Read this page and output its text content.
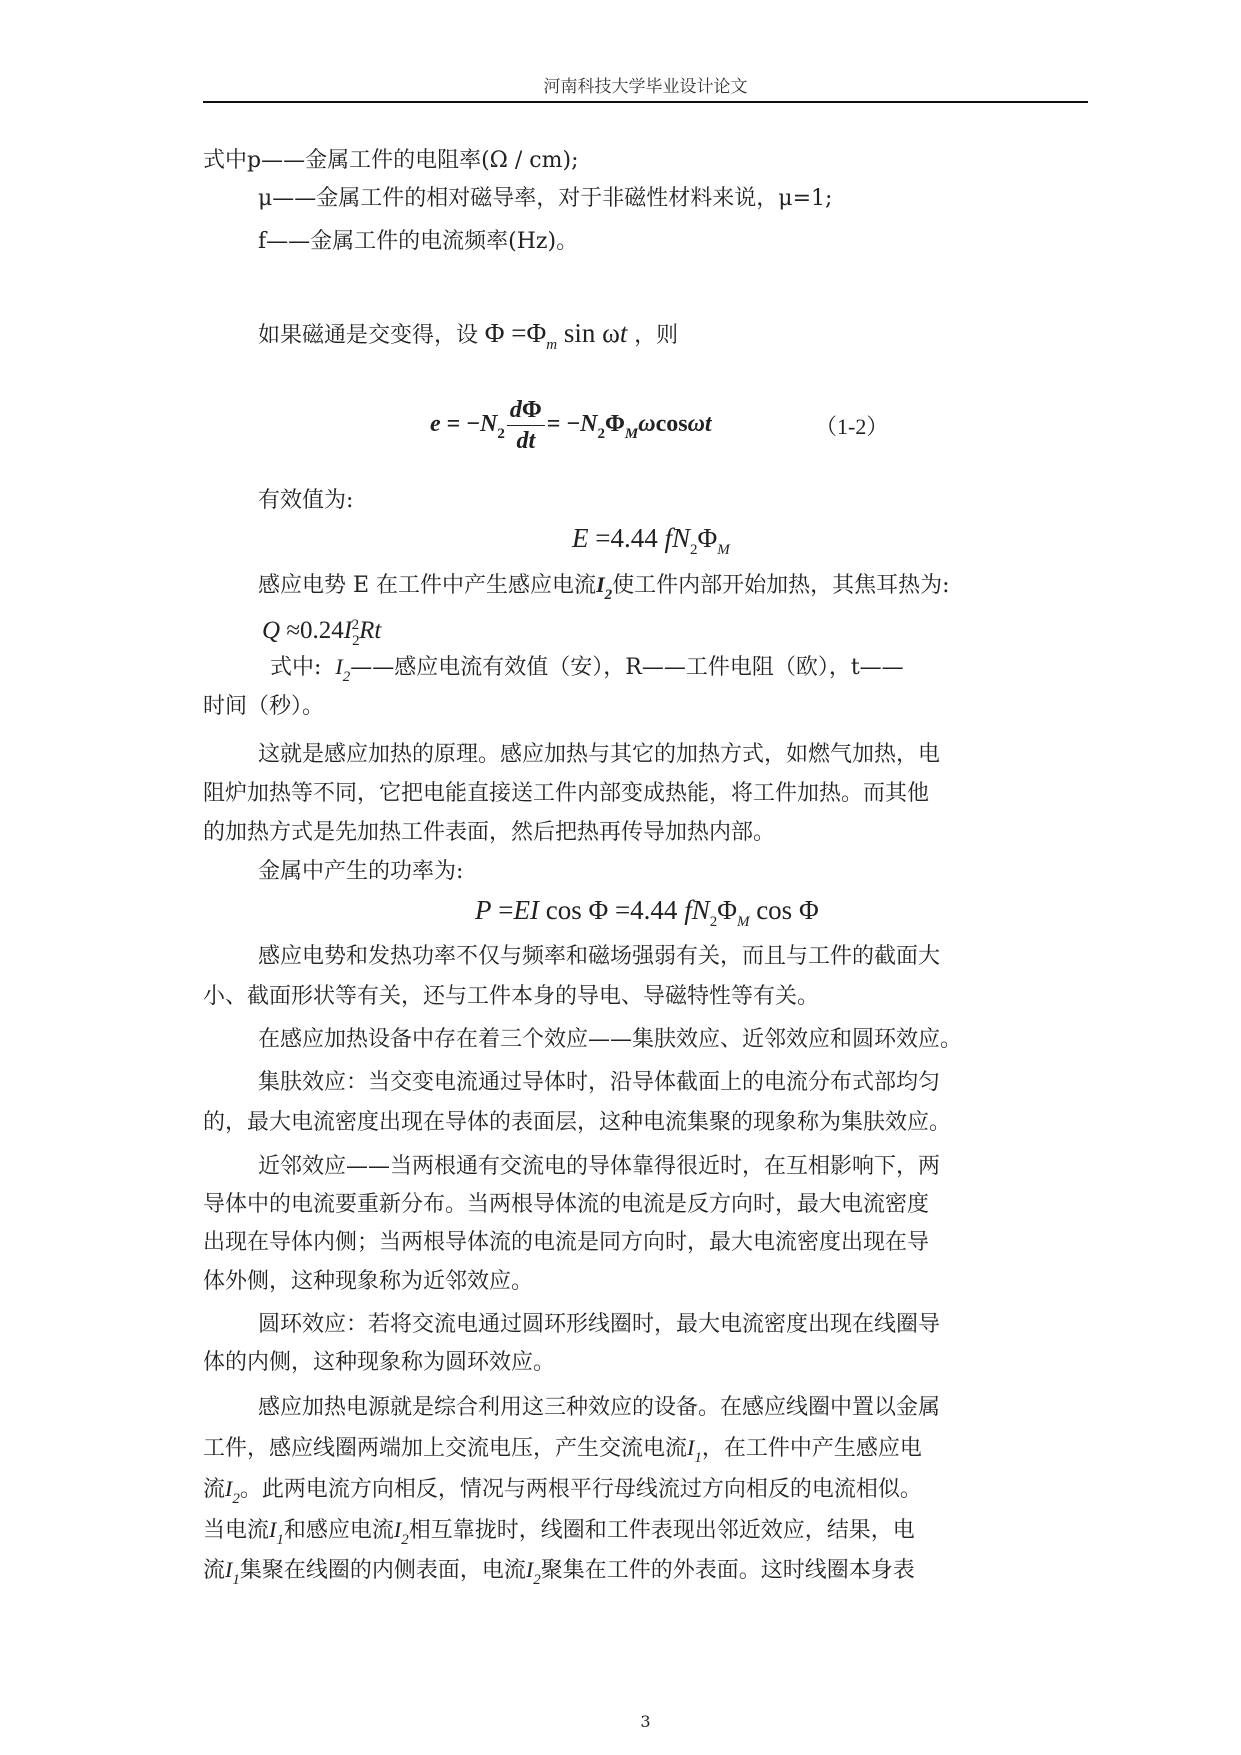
河南科技大学毕业设计论文
式中p——金属工件的电阻率(Ω / cm);
μ——金属工件的相对磁导率，对于非磁性材料来说，μ=1;
f——金属工件的电流频率(Hz)。
如果磁通是交变得，设 $\Phi =\Phi_m$ sin ωt ，则
$e = -N_2 \frac{d\Phi}{dt} = -N_2\Phi_M\omega\cos\omega t$	（1-2）
有效值为:
E =4.44 $fN_2\Phi_M$
感应电势 E 在工件中产生感应电流$I_2$使工件内部开始加热，其焦耳热为:
$Q \approx 0.24I_2^2Rt$
式中: $I_2——$感应电流有效值（安），R——工件电阻（欧），t——
时间（秒）。
这就是感应加热的原理。感应加热与其它的加热方式，如燃气加热，电
阻炉加热等不同，它把电能直接送工件内部变成热能，将工件加热。而其他
的加热方式是先加热工件表面，然后把热再传导加热内部。
金属中产生的功率为:
P =EI cos Φ =4.44 $fN_2\Phi_M$ cos Φ
感应电势和发热功率不仅与频率和磁场强弱有关，而且与工件的截面大
小、截面形状等有关，还与工件本身的导电、导磁特性等有关。
在感应加热设备中存在着三个效应——集肤效应、近邻效应和圆环效应。
集肤效应：当交变电流通过导体时，沿导体截面上的电流分布式部均匀
的，最大电流密度出现在导体的表面层，这种电流集聚的现象称为集肤效应。
近邻效应——当两根通有交流电的导体靠得很近时，在互相影响下，两
导体中的电流要重新分布。当两根导体流的电流是反方向时，最大电流密度
出现在导体内侧；当两根导体流的电流是同方向时，最大电流密度出现在导
体外侧，这种现象称为近邻效应。
圆环效应：若将交流电通过圆环形线圈时，最大电流密度出现在线圈导
体的内侧，这种现象称为圆环效应。
感应加热电源就是综合利用这三种效应的设备。在感应线圈中置以金属
工件，感应线圈两端加上交流电压，产生交流电流$I_1$，在工件中产生感应电
流$I_2$。此两电流方向相反，情况与两根平行母线流过方向相反的电流相似。
当电流$I_1$和感应电流$I_2$相互靠拢时，线圈和工件表现出邻近效应，结果，电
流$I_1$集聚在线圈的内侧表面，电流$I_2$聚集在工件的外表面。这时线圈本身表
3
